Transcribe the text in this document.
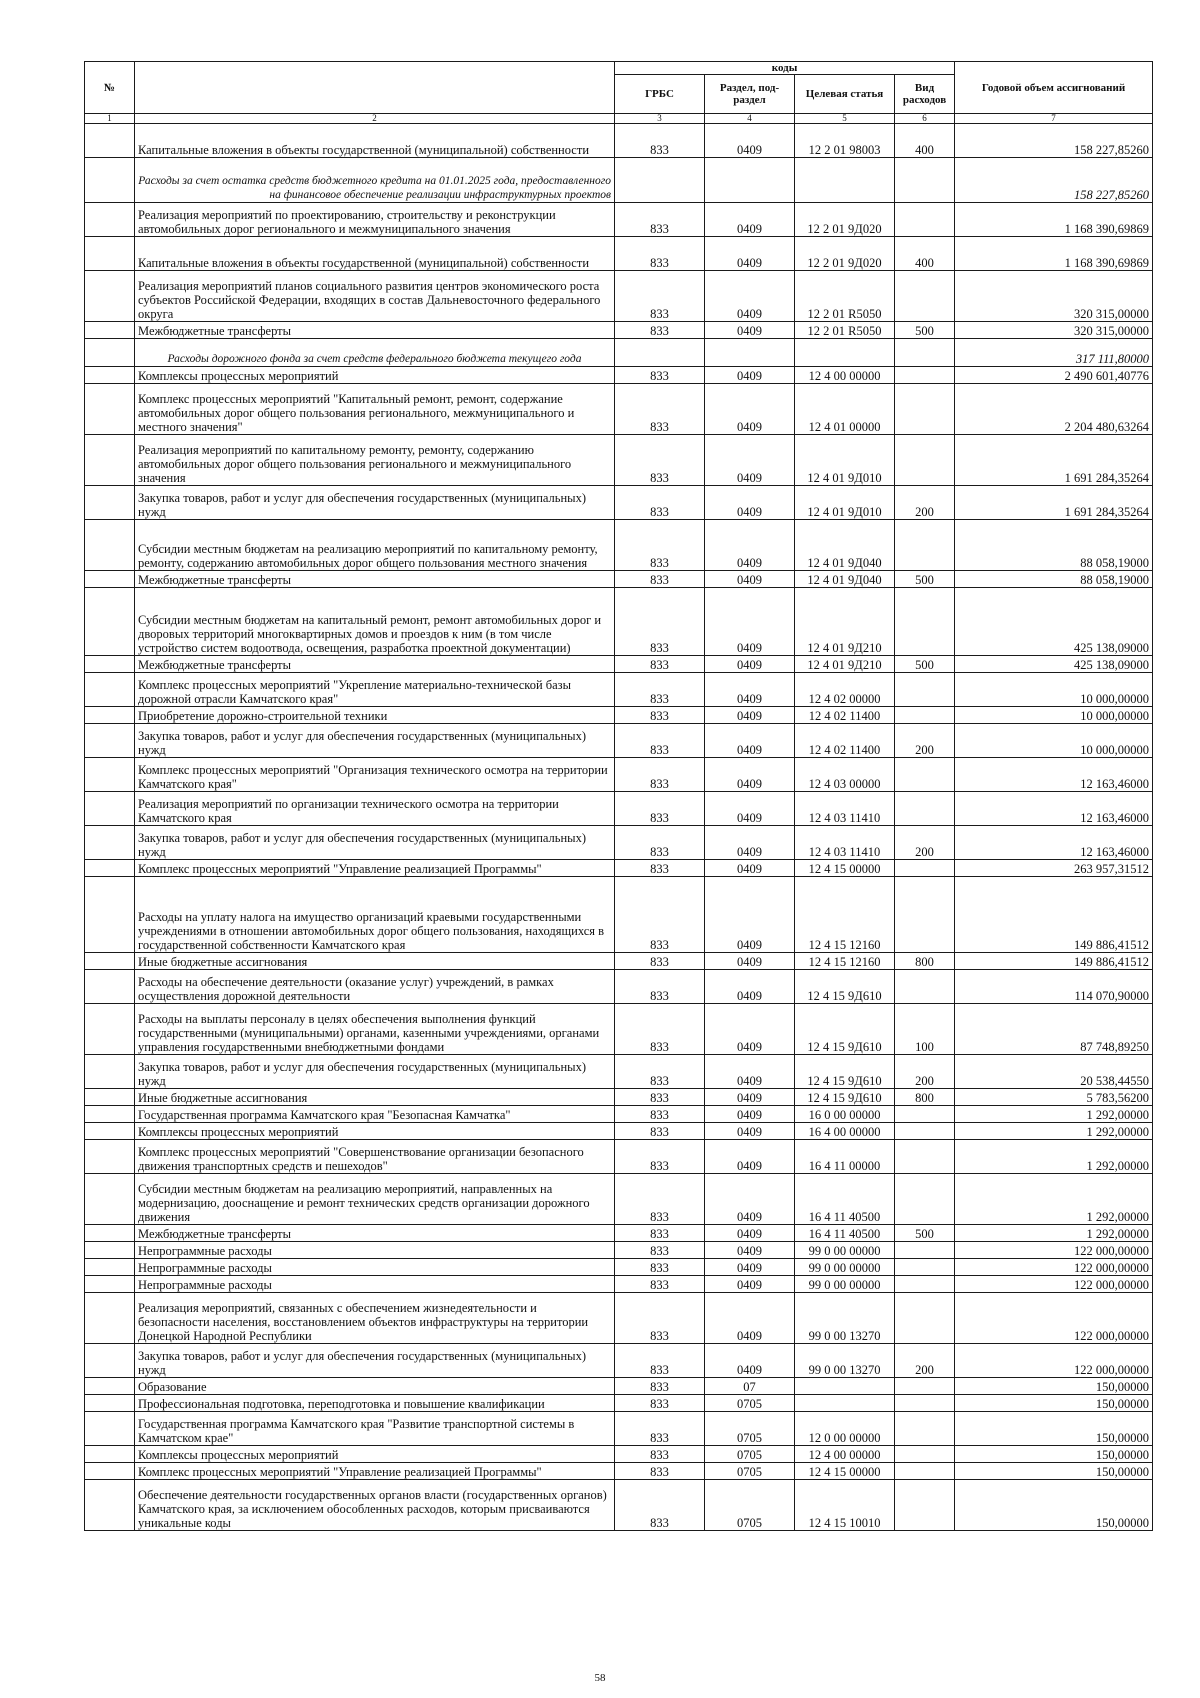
№		коды				Годовой объем ассигнований
		ГРБС	Раздел, под-раздел	Целевая статья	Вид расходов	
1	2	3	4	5	6	7
	Капитальные вложения в объекты государственной (муниципальной) собственности	833	0409	12 2 01 98003	400	158 227,85260
	Расходы за счет остатка средств бюджетного кредита на 01.01.2025 года, предоставленного на финансовое обеспечение реализации инфраструктурных проектов					158 227,85260
	Реализация мероприятий по проектированию, строительству и реконструкции автомобильных дорог регионального и межмуниципального значения	833	0409	12 2 01 9Д020		1 168 390,69869
	Капитальные вложения в объекты государственной (муниципальной) собственности	833	0409	12 2 01 9Д020	400	1 168 390,69869
	Реализация мероприятий планов социального развития центров экономического роста субъектов Российской Федерации, входящих в состав Дальневосточного федерального округа	833	0409	12 2 01 R5050		320 315,00000
	Межбюджетные трансферты	833	0409	12 2 01 R5050	500	320 315,00000
	Расходы дорожного фонда за счет средств федерального бюджета текущего года					317 111,80000
	Комплексы процессных мероприятий	833	0409	12 4 00 00000		2 490 601,40776
	Комплекс процессных мероприятий "Капитальный ремонт, ремонт, содержание автомобильных дорог общего пользования регионального, межмуниципального и местного значения"	833	0409	12 4 01 00000		2 204 480,63264
	Реализация мероприятий по капитальному ремонту, ремонту, содержанию автомобильных дорог общего пользования регионального и межмуниципального значения	833	0409	12 4 01 9Д010		1 691 284,35264
	Закупка товаров, работ и услуг для обеспечения государственных (муниципальных) нужд	833	0409	12 4 01 9Д010	200	1 691 284,35264
	Субсидии местным бюджетам на реализацию мероприятий по капитальному ремонту, ремонту, содержанию автомобильных дорог общего пользования местного значения	833	0409	12 4 01 9Д040		88 058,19000
	Межбюджетные трансферты	833	0409	12 4 01 9Д040	500	88 058,19000
	Субсидии местным бюджетам на капитальный ремонт, ремонт автомобильных дорог и дворовых территорий многоквартирных домов и проездов к ним (в том числе устройство систем водоотвода, освещения, разработка проектной документации)	833	0409	12 4 01 9Д210		425 138,09000
	Межбюджетные трансферты	833	0409	12 4 01 9Д210	500	425 138,09000
	Комплекс процессных мероприятий "Укрепление материально-технической базы дорожной отрасли Камчатского края"	833	0409	12 4 02 00000		10 000,00000
	Приобретение дорожно-строительной техники	833	0409	12 4 02 11400		10 000,00000
	Закупка товаров, работ и услуг для обеспечения государственных (муниципальных) нужд	833	0409	12 4 02 11400	200	10 000,00000
	Комплекс процессных мероприятий "Организация технического осмотра на территории Камчатского края"	833	0409	12 4 03 00000		12 163,46000
	Реализация мероприятий по организации технического осмотра на территории Камчатского края	833	0409	12 4 03 11410		12 163,46000
	Закупка товаров, работ и услуг для обеспечения государственных (муниципальных) нужд	833	0409	12 4 03 11410	200	12 163,46000
	Комплекс процессных мероприятий "Управление реализацией Программы"	833	0409	12 4 15 00000		263 957,31512
	Расходы на уплату налога на имущество организаций краевыми государственными учреждениями в отношении автомобильных дорог общего пользования, находящихся в государственной собственности Камчатского края	833	0409	12 4 15 12160		149 886,41512
	Иные бюджетные ассигнования	833	0409	12 4 15 12160	800	149 886,41512
	Расходы на обеспечение деятельности (оказание услуг) учреждений, в рамках осуществления дорожной деятельности	833	0409	12 4 15 9Д610		114 070,90000
	Расходы на выплаты персоналу в целях обеспечения выполнения функций государственными (муниципальными) органами, казенными учреждениями, органами управления государственными внебюджетными фондами	833	0409	12 4 15 9Д610	100	87 748,89250
	Закупка товаров, работ и услуг для обеспечения государственных (муниципальных) нужд	833	0409	12 4 15 9Д610	200	20 538,44550
	Иные бюджетные ассигнования	833	0409	12 4 15 9Д610	800	5 783,56200
	Государственная программа Камчатского края "Безопасная Камчатка"	833	0409	16 0 00 00000		1 292,00000
	Комплексы процессных мероприятий	833	0409	16 4 00 00000		1 292,00000
	Комплекс процессных мероприятий "Совершенствование организации безопасного движения транспортных средств и пешеходов"	833	0409	16 4 11 00000		1 292,00000
	Субсидии местным бюджетам на реализацию мероприятий, направленных на модернизацию, дооснащение и ремонт технических средств организации дорожного движения	833	0409	16 4 11 40500		1 292,00000
	Межбюджетные трансферты	833	0409	16 4 11 40500	500	1 292,00000
	Непрограммные расходы	833	0409	99 0 00 00000		122 000,00000
	Непрограммные расходы	833	0409	99 0 00 00000		122 000,00000
	Непрограммные расходы	833	0409	99 0 00 00000		122 000,00000
	Реализация мероприятий, связанных с обеспечением жизнедеятельности и безопасности населения, восстановлением объектов инфраструктуры на территории Донецкой Народной Республики	833	0409	99 0 00 13270		122 000,00000
	Закупка товаров, работ и услуг для обеспечения государственных (муниципальных) нужд	833	0409	99 0 00 13270	200	122 000,00000
	Образование	833	07			150,00000
	Профессиональная подготовка, переподготовка и повышение квалификации	833	0705			150,00000
	Государственная программа Камчатского края "Развитие транспортной системы в Камчатском крае"	833	0705	12 0 00 00000		150,00000
	Комплексы процессных мероприятий	833	0705	12 4 00 00000		150,00000
	Комплекс процессных мероприятий "Управление реализацией Программы"	833	0705	12 4 15 00000		150,00000
	Обеспечение деятельности государственных органов власти (государственных органов) Камчатского края, за исключением обособленных расходов, которым присваиваются уникальные коды	833	0705	12 4 15 10010		150,00000
58
